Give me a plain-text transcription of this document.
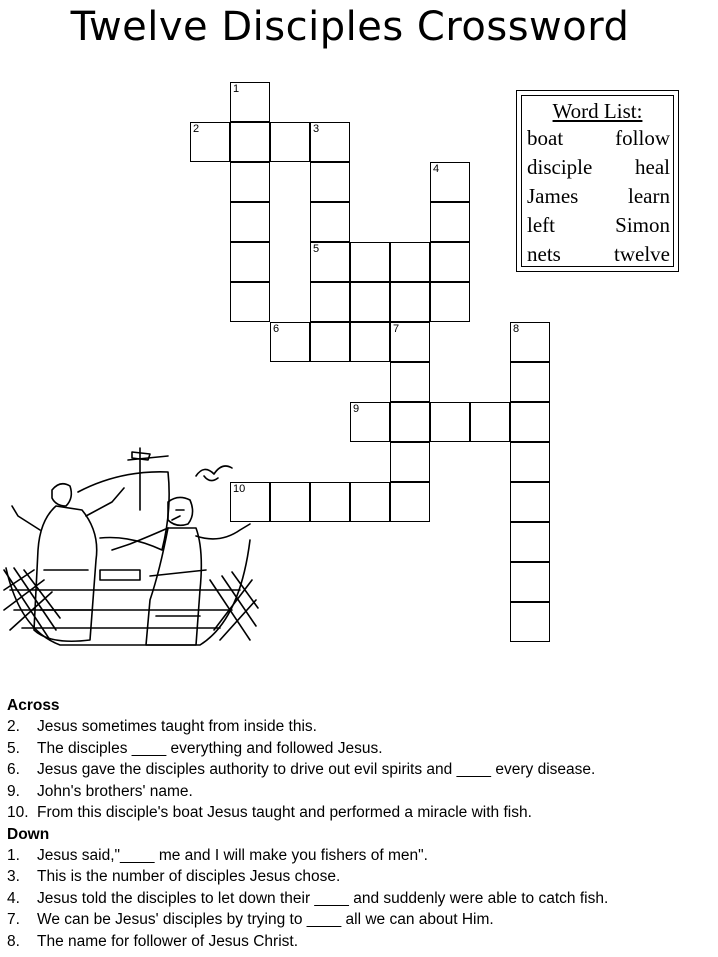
Twelve Disciples Crossword
1
2	3
5
4
6	7	8
9
10
Word List:
boat follow
disciple heal
James learn
left	Simon
nets	twelve
Across
2.	Jesus sometimes taught from inside this.
5.	The disciples ____ everything and followed Jesus.
6.	Jesus gave the disciples authority to drive out evil spirits and ____ every disease.
9.	John's brothers' name.
10. From this disciple's boat Jesus taught and performed a miracle with fish.
Down
1.	Jesus said,"____ me and I will make you fishers of men".
3.	This is the number of disciples Jesus chose.
4.	Jesus told the disciples to let down their ____ and suddenly were able to catch fish.
7.	We can be Jesus' disciples by trying to ____ all we can about Him.
8.	The name for follower of Jesus Christ.
